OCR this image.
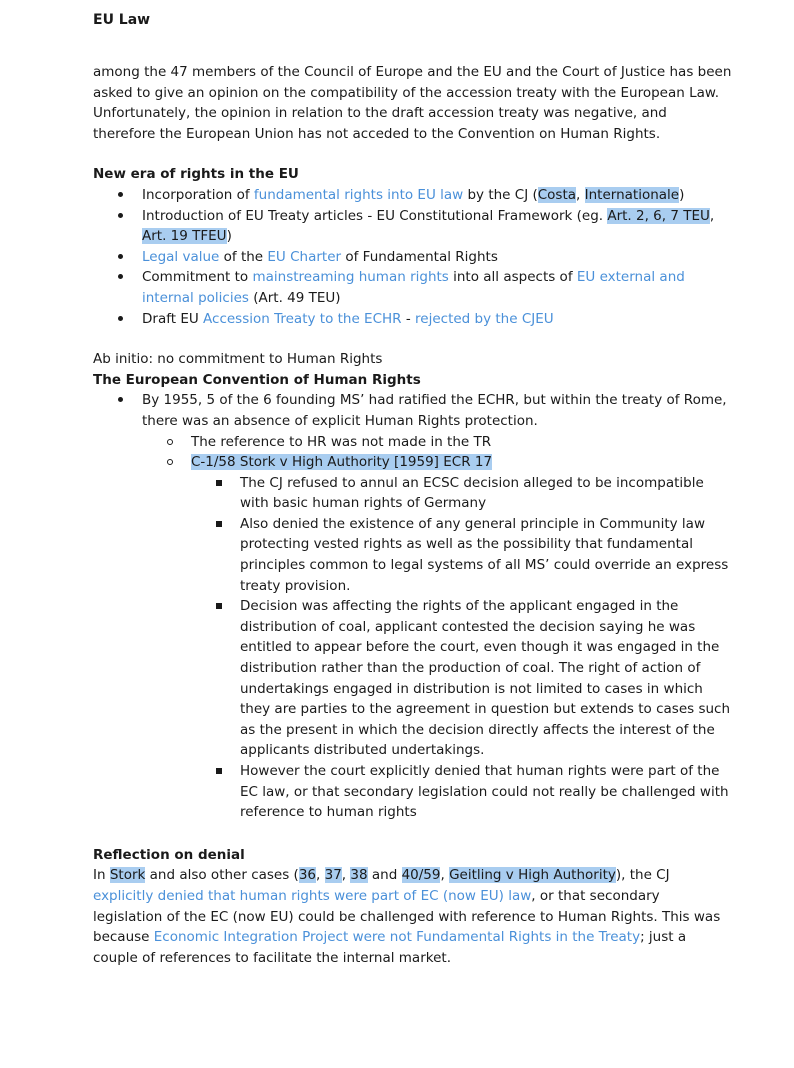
EU Law

among the 47 members of the Council of Europe and the EU and the Court of Justice has been asked to give an opinion on the compatibility of the accession treaty with the European Law.

Unfortunately, the opinion in relation to the draft accession treaty was negative, and therefore the European Union has not acceded to the Convention on Human Rights.

New era of rights in the EU

Incorporation of fundamental rights into EU law by the CJ (Costa, Internationale)
Introduction of EU Treaty articles - EU Constitutional Framework (eg. Art. 2, 6, 7 TEU, Art. 19 TFEU)
Legal value of the EU Charter of Fundamental Rights
Commitment to mainstreaming human rights into all aspects of EU external and internal policies (Art. 49 TEU)
Draft EU Accession Treaty to the ECHR - rejected by the CJEU

Ab initio: no commitment to Human Rights

The European Convention of Human Rights

By 1955, 5 of the 6 founding MS’ had ratified the ECHR, but within the treaty of Rome, there was an absence of explicit Human Rights protection.
The reference to HR was not made in the TR
C-1/58 Stork v High Authority [1959] ECR 17
The CJ refused to annul an ECSC decision alleged to be incompatible with basic human rights of Germany
Also denied the existence of any general principle in Community law protecting vested rights as well as the possibility that fundamental principles common to legal systems of all MS’ could override an express treaty provision.
Decision was affecting the rights of the applicant engaged in the distribution of coal, applicant contested the decision saying he was entitled to appear before the court, even though it was engaged in the distribution rather than the production of coal. The right of action of undertakings engaged in distribution is not limited to cases in which they are parties to the agreement in question but extends to cases such as the present in which the decision directly affects the interest of the applicants distributed undertakings.
However the court explicitly denied that human rights were part of the EC law, or that secondary legislation could not really be challenged with reference to human rights

Reflection on denial

In Stork and also other cases (36, 37, 38 and 40/59, Geitling v High Authority), the CJ explicitly denied that human rights were part of EC (now EU) law, or that secondary legislation of the EC (now EU) could be challenged with reference to Human Rights. This was because Economic Integration Project were not Fundamental Rights in the Treaty; just a couple of references to facilitate the internal market.
